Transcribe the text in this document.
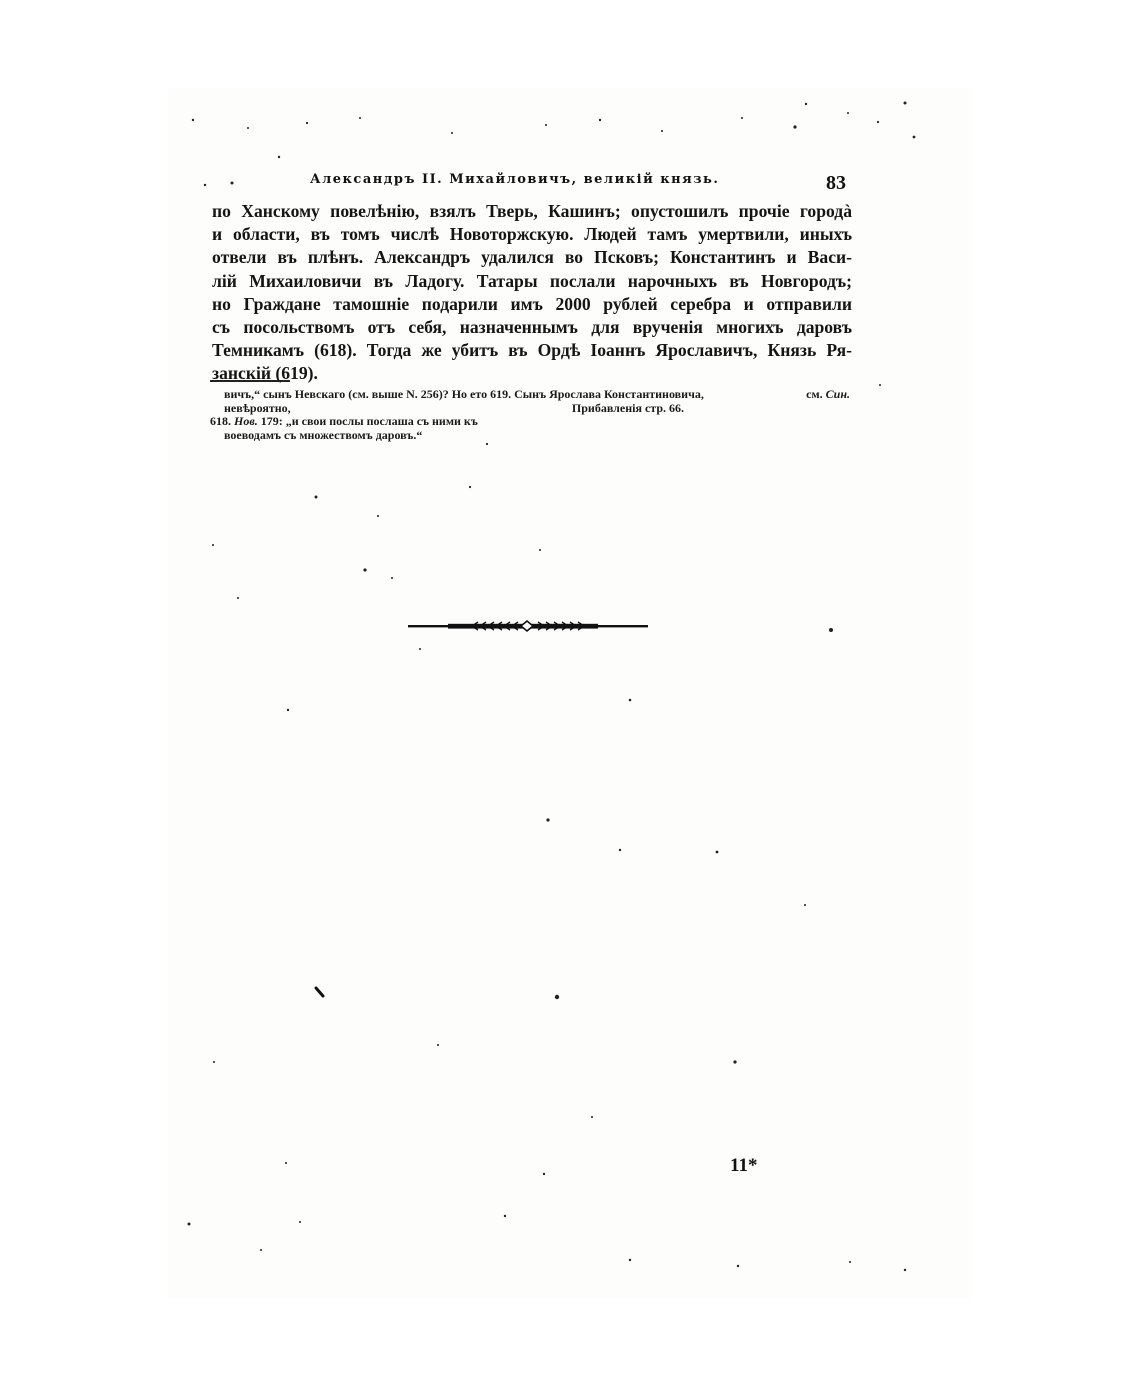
Александръ II. Михайловичъ, великій князь.	83
по Ханскому повелѣнію, взялъ Тверь, Кашинъ; опустошилъ прочіе городà
и области, въ томъ числѣ Новоторжскую. Людей тамъ умертвили, иныхъ
отвели въ плѣнъ. Александръ удалился во Псковъ; Константинъ и Васи-
лій Михаиловичи въ Ладогу. Татары послали нарочныхъ въ Новгородъ;
но Граждане тамошніе подарили имъ 2000 рублей серебра и отправили
съ посольствомъ отъ себя, назначеннымъ для врученія многихъ даровъ
Темникамъ (618). Тогда же убитъ въ Ордѣ Іоаннъ Ярославичъ, Князь Ря-
занскій (619).
вичъ,“ сынъ Невскаго (см. выше N. 256)? Но ето 619. Сынъ Ярослава Константиновича,	см. Син.
невѣроятно,	Прибавленія стр. 66.
618. Нов. 179: „и свои послы послаша съ ними къ
воеводамъ съ множествомъ даровъ.“
11*
